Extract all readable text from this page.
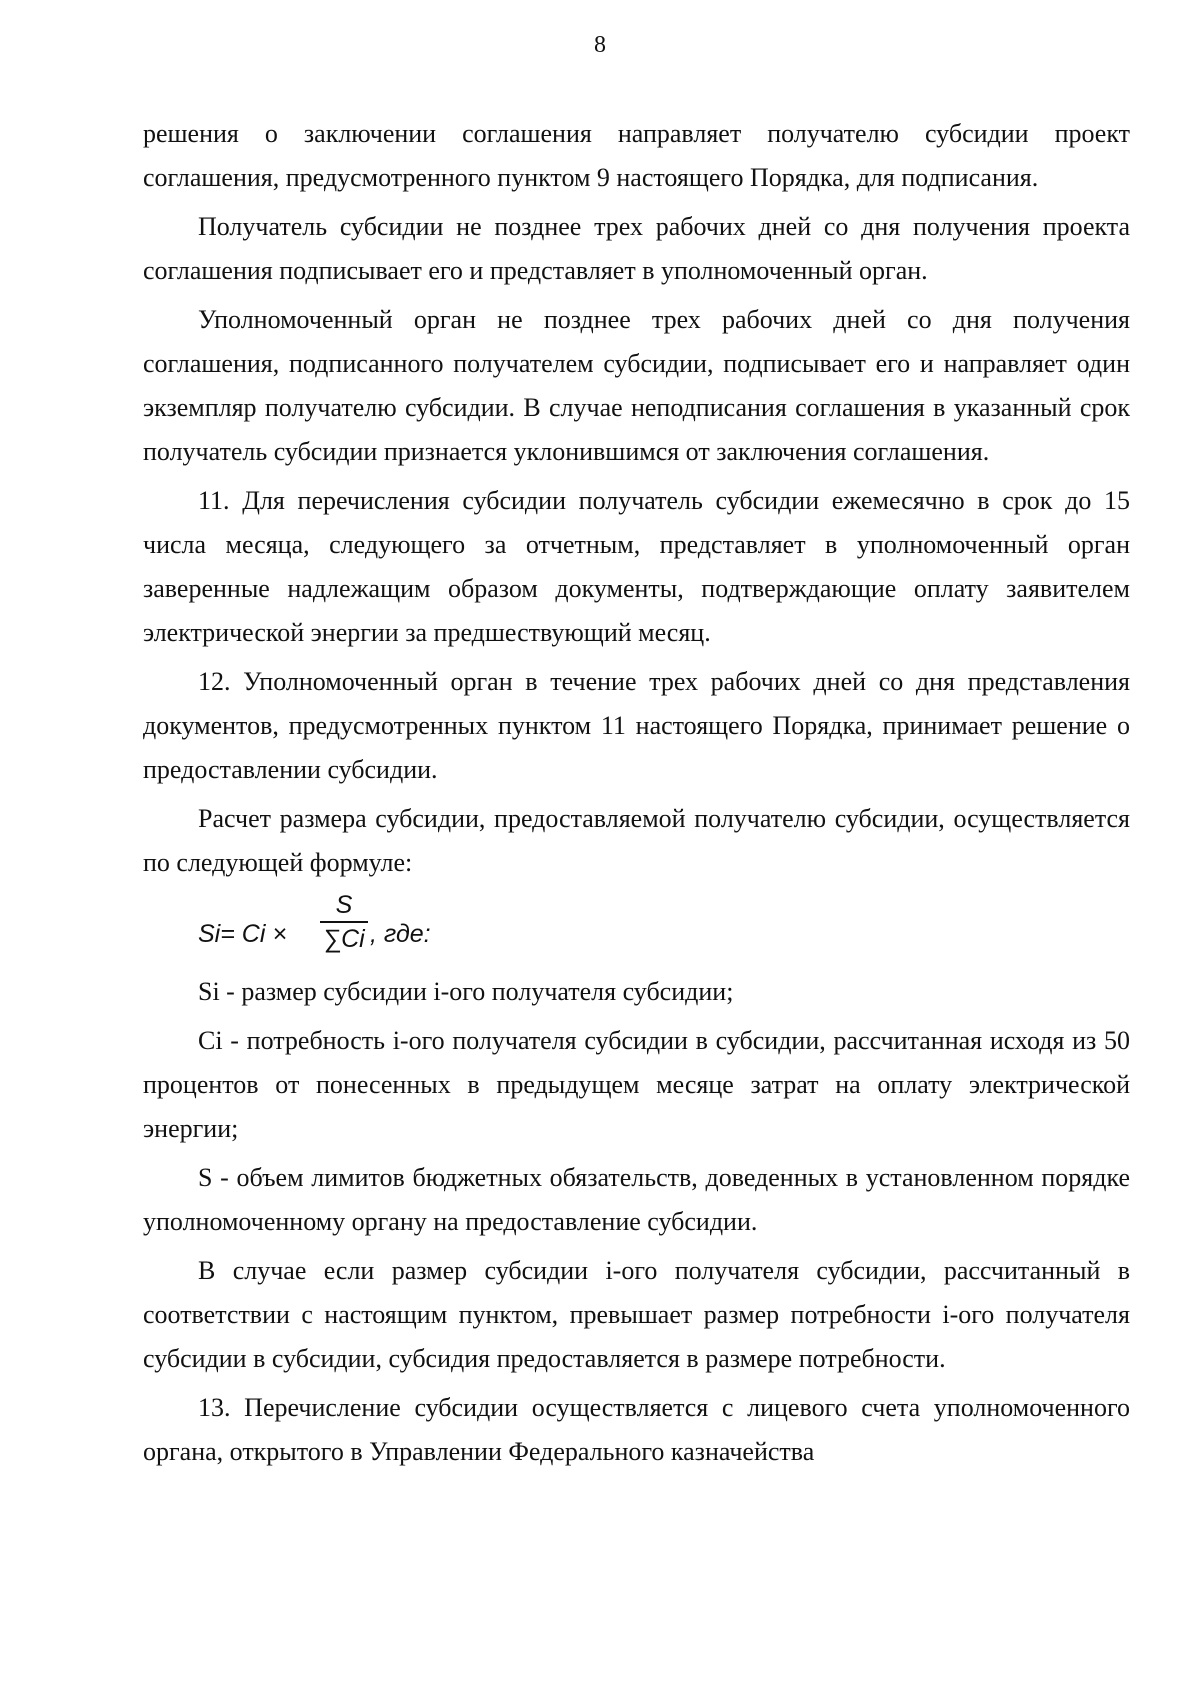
8

решения о заключении соглашения направляет получателю субсидии проект соглашения, предусмотренного пунктом 9 настоящего Порядка, для подписания.

Получатель субсидии не позднее трех рабочих дней со дня получения проекта соглашения подписывает его и представляет в уполномоченный орган.

Уполномоченный орган не позднее трех рабочих дней со дня получения соглашения, подписанного получателем субсидии, подписывает его и направляет один экземпляр получателю субсидии. В случае неподписания соглашения в указанный срок получатель субсидии признается уклонившимся от заключения соглашения.

11. Для перечисления субсидии получатель субсидии ежемесячно в срок до 15 числа месяца, следующего за отчетным, представляет в уполномоченный орган заверенные надлежащим образом документы, подтверждающие оплату заявителем электрической энергии за предшествующий месяц.

12. Уполномоченный орган в течение трех рабочих дней со дня представления документов, предусмотренных пунктом 11 настоящего Порядка, принимает решение о предоставлении субсидии.

Расчет размера субсидии, предоставляемой получателю субсидии, осуществляется по следующей формуле:

Si= Ci ×
S
∑Ci , где:

Si - размер субсидии i-ого получателя субсидии;

Ci - потребность i-ого получателя субсидии в субсидии, рассчитанная исходя из 50 процентов от понесенных в предыдущем месяце затрат на оплату электрической энергии;

S - объем лимитов бюджетных обязательств, доведенных в установленном порядке уполномоченному органу на предоставление субсидии.

В случае если размер субсидии i-ого получателя субсидии, рассчитанный в соответствии с настоящим пунктом, превышает размер потребности i-ого получателя субсидии в субсидии, субсидия предоставляется в размере потребности.

13. Перечисление субсидии осуществляется с лицевого счета уполномоченного органа, открытого в Управлении Федерального казначейства
